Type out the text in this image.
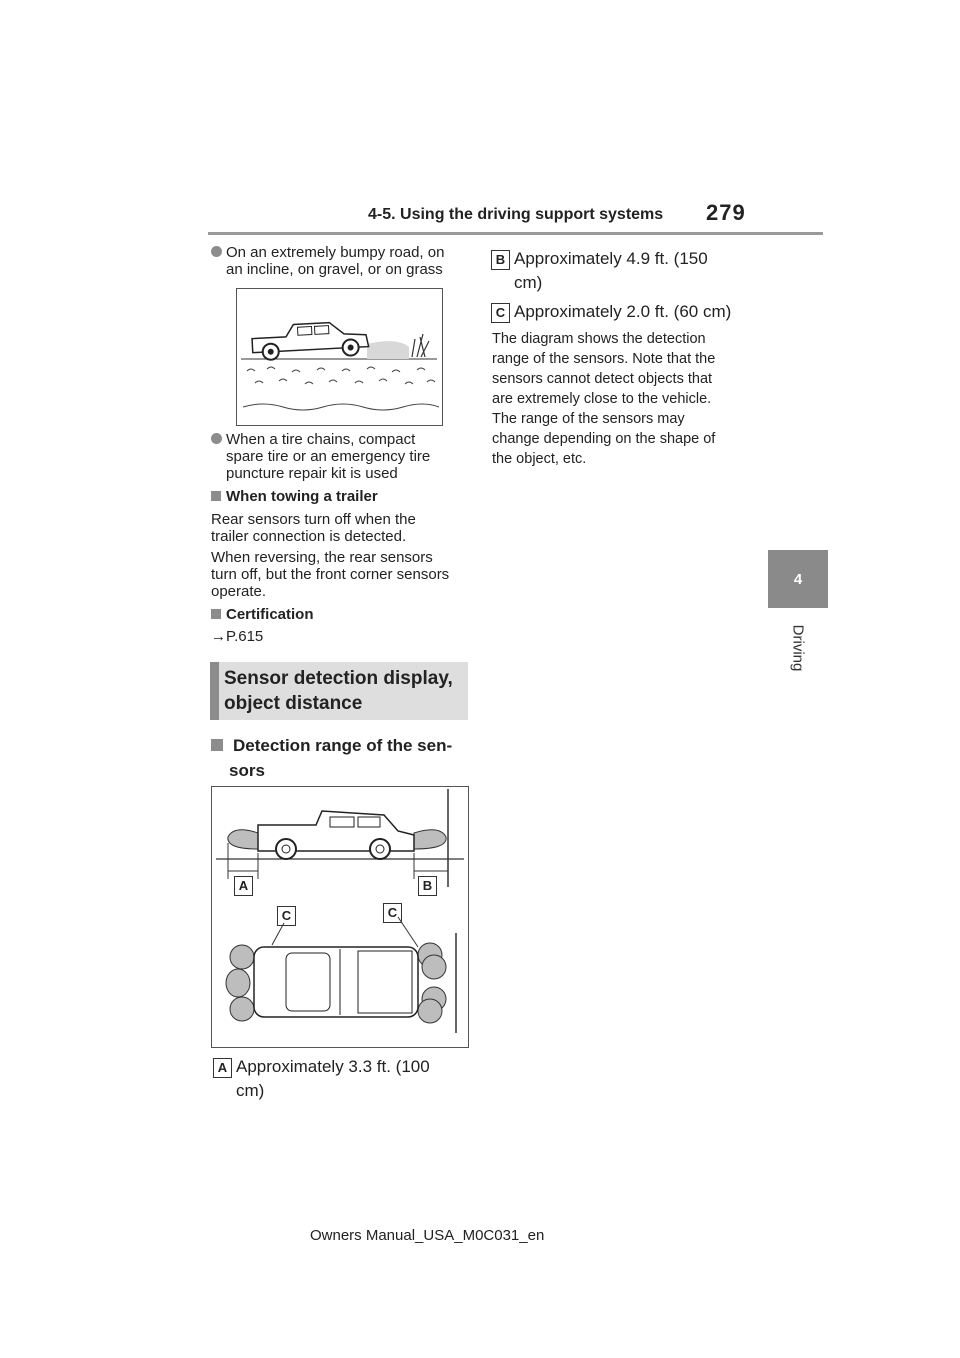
4-5. Using the driving support systems 279
4
Driving
On an extremely bumpy road, on
an incline, on gravel, or on grass
When a tire chains, compact
spare tire or an emergency tire
puncture repair kit is used
When towing a trailer
Rear sensors turn off when the
trailer connection is detected.
When reversing, the rear sensors
turn off, but the front corner sensors
operate.
Certification
→P.615
Sensor detection display,
object distance
Detection range of the sen-
sors
A	B
C	C
A Approximately 3.3 ft. (100
cm)
B Approximately 4.9 ft. (150
cm)
C Approximately 2.0 ft. (60 cm)
The diagram shows the detection
range of the sensors. Note that the
sensors cannot detect objects that
are extremely close to the vehicle.
The range of the sensors may
change depending on the shape of
the object, etc.
Owners Manual_USA_M0C031_en
